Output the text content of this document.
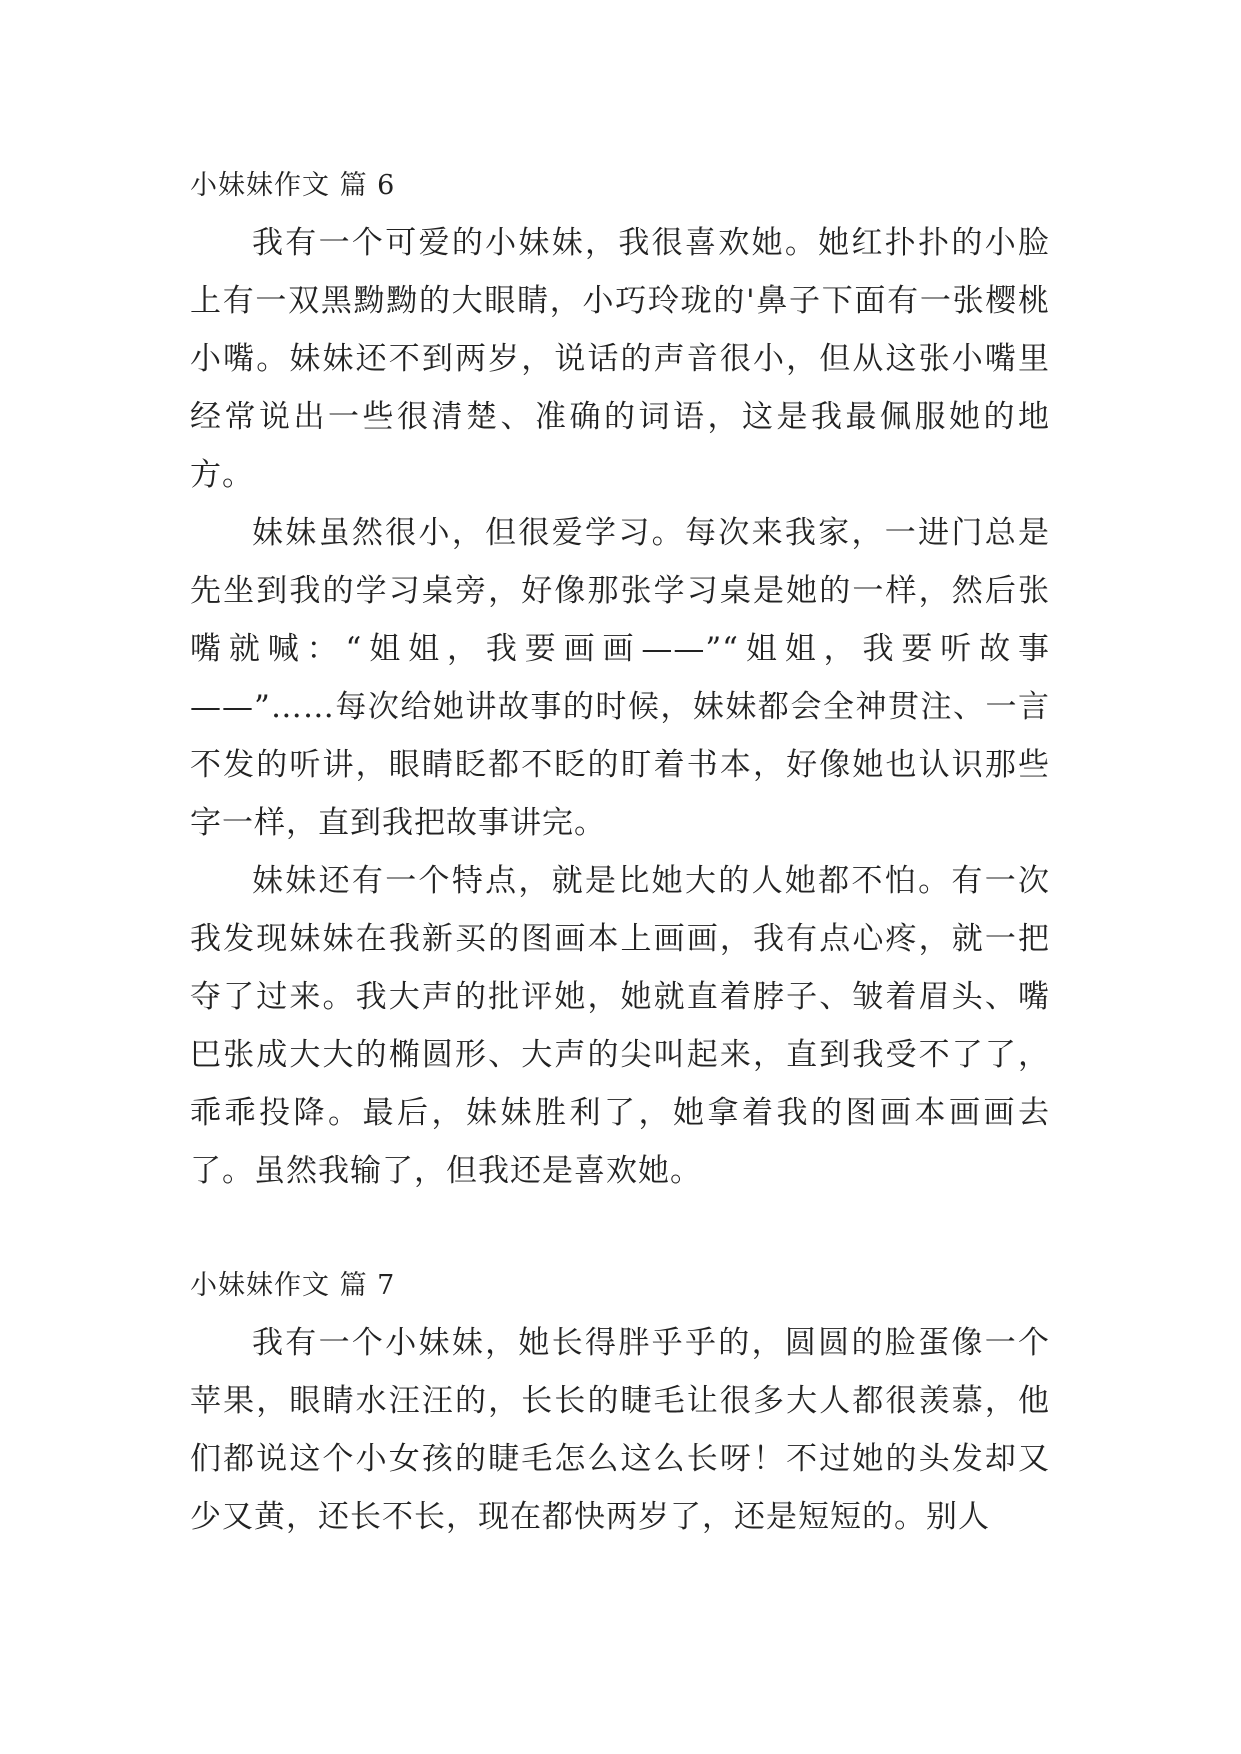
小妹妹作文 篇 6

我有一个可爱的小妹妹，我很喜欢她。她红扑扑的小脸上有一双黑黝黝的大眼睛，小巧玲珑的'鼻子下面有一张樱桃小嘴。妹妹还不到两岁，说话的声音很小，但从这张小嘴里经常说出一些很清楚、准确的词语，这是我最佩服她的地方。

妹妹虽然很小，但很爱学习。每次来我家，一进门总是先坐到我的学习桌旁，好像那张学习桌是她的一样，然后张嘴就喊：“姐姐，我要画画——”“姐姐，我要听故事——”……每次给她讲故事的时候，妹妹都会全神贯注、一言不发的听讲，眼睛眨都不眨的盯着书本，好像她也认识那些字一样，直到我把故事讲完。

妹妹还有一个特点，就是比她大的人她都不怕。有一次我发现妹妹在我新买的图画本上画画，我有点心疼，就一把夺了过来。我大声的批评她，她就直着脖子、皱着眉头、嘴巴张成大大的椭圆形、大声的尖叫起来，直到我受不了了，乖乖投降。最后，妹妹胜利了，她拿着我的图画本画画去了。虽然我输了，但我还是喜欢她。

小妹妹作文 篇 7

我有一个小妹妹，她长得胖乎乎的，圆圆的脸蛋像一个苹果，眼睛水汪汪的，长长的睫毛让很多大人都很羡慕，他们都说这个小女孩的睫毛怎么这么长呀！不过她的头发却又少又黄，还长不长，现在都快两岁了，还是短短的。别人
